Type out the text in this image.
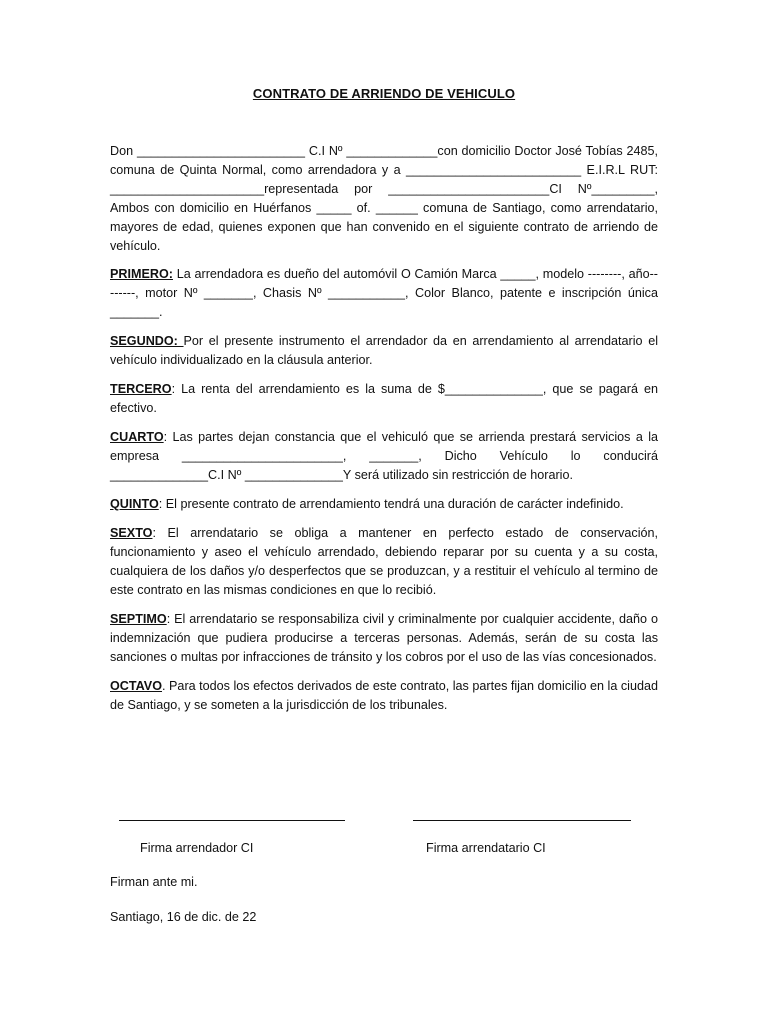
CONTRATO DE ARRIENDO DE VEHICULO

Don ________________________ C.I Nº _____________con domicilio Doctor José Tobías 2485, comuna de Quinta Normal, como arrendadora y a _________________________ E.I.R.L RUT: ______________________representada por _______________________CI Nº_________, Ambos con domicilio en Huérfanos _____ of. ______ comuna de Santiago, como arrendatario, mayores de edad, quienes exponen que han convenido en el siguiente contrato de arriendo de vehículo.

PRIMERO: La arrendadora es dueño del automóvil O Camión Marca _____, modelo --------, año--------, motor Nº _______, Chasis Nº ___________, Color Blanco, patente e inscripción única _______.

SEGUNDO: Por el presente instrumento el arrendador da en arrendamiento al arrendatario el vehículo individualizado en la cláusula anterior.

TERCERO: La renta del arrendamiento es la suma de $______________, que se pagará en efectivo.

CUARTO: Las partes dejan constancia que el vehiculó que se arrienda prestará servicios a la empresa _______________________, _______, Dicho Vehículo lo conducirá ______________C.I Nº ______________Y será utilizado sin restricción de horario.

QUINTO: El presente contrato de arrendamiento tendrá una duración de carácter indefinido.

SEXTO: El arrendatario se obliga a mantener en perfecto estado de conservación, funcionamiento y aseo el vehículo arrendado, debiendo reparar por su cuenta y a su costa, cualquiera de los daños y/o desperfectos que se produzcan, y a restituir el vehículo al termino de este contrato en las mismas condiciones en que lo recibió.

SEPTIMO: El arrendatario se responsabiliza civil y criminalmente por cualquier accidente, daño o indemnización que pudiera producirse a terceras personas. Además, serán de su costa las sanciones o multas por infracciones de tránsito y los cobros por el uso de las vías concesionados.

OCTAVO. Para todos los efectos derivados de este contrato, las partes fijan domicilio en la ciudad de Santiago, y se someten a la jurisdicción de los tribunales.

Firma arrendador CI	Firma arrendatario CI
Firman ante mi.
Santiago, 16 de dic. de 22
